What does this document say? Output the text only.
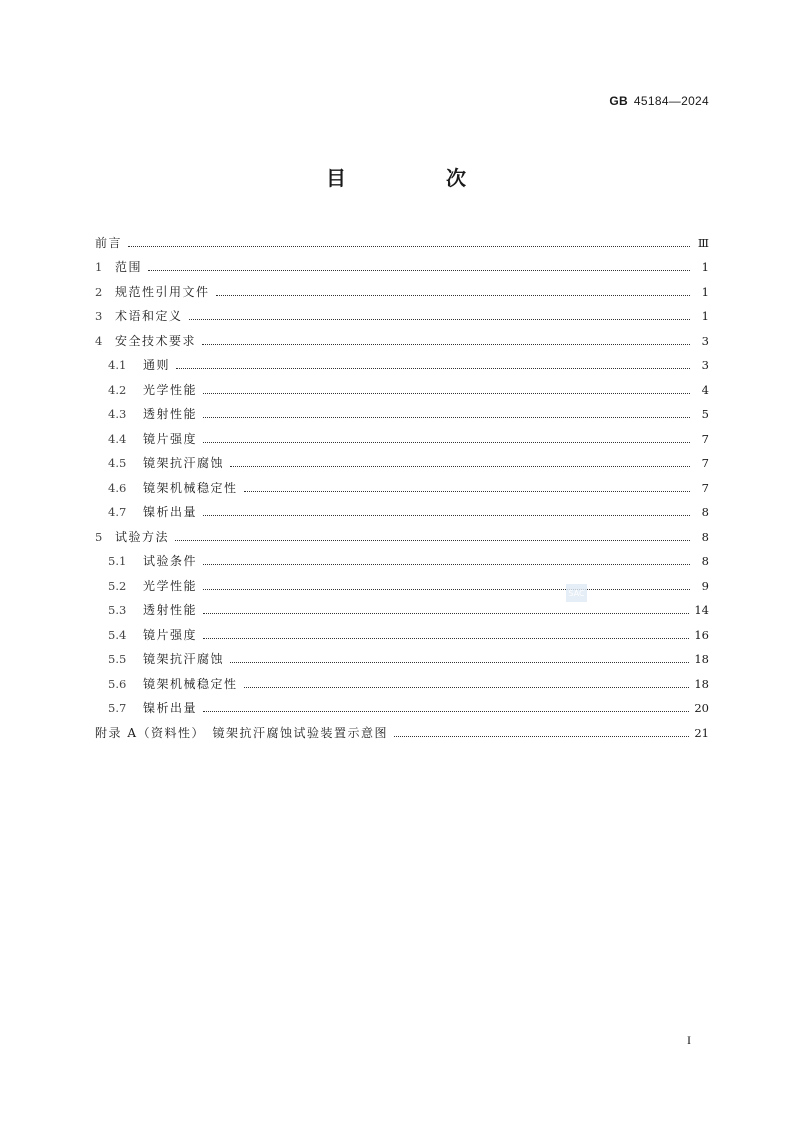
GB 45184—2024
目　次
前言	Ⅲ
1	范围	1
2	规范性引用文件	1
3	术语和定义	1
4	安全技术要求	3
4.1	通则	3
4.2	光学性能	4
4.3	透射性能	5
4.4	镜片强度	7
4.5	镜架抗汗腐蚀	7
4.6	镜架机械稳定性	7
4.7	镍析出量	8
5	试验方法	8
5.1	试验条件	8
5.2	光学性能	9
5.3	透射性能	14
5.4	镜片强度	16
5.5	镜架抗汗腐蚀	18
5.6	镜架机械稳定性	18
5.7	镍析出量	20
附录 A（资料性）　镜架抗汗腐蚀试验装置示意图	21
SAC
I
